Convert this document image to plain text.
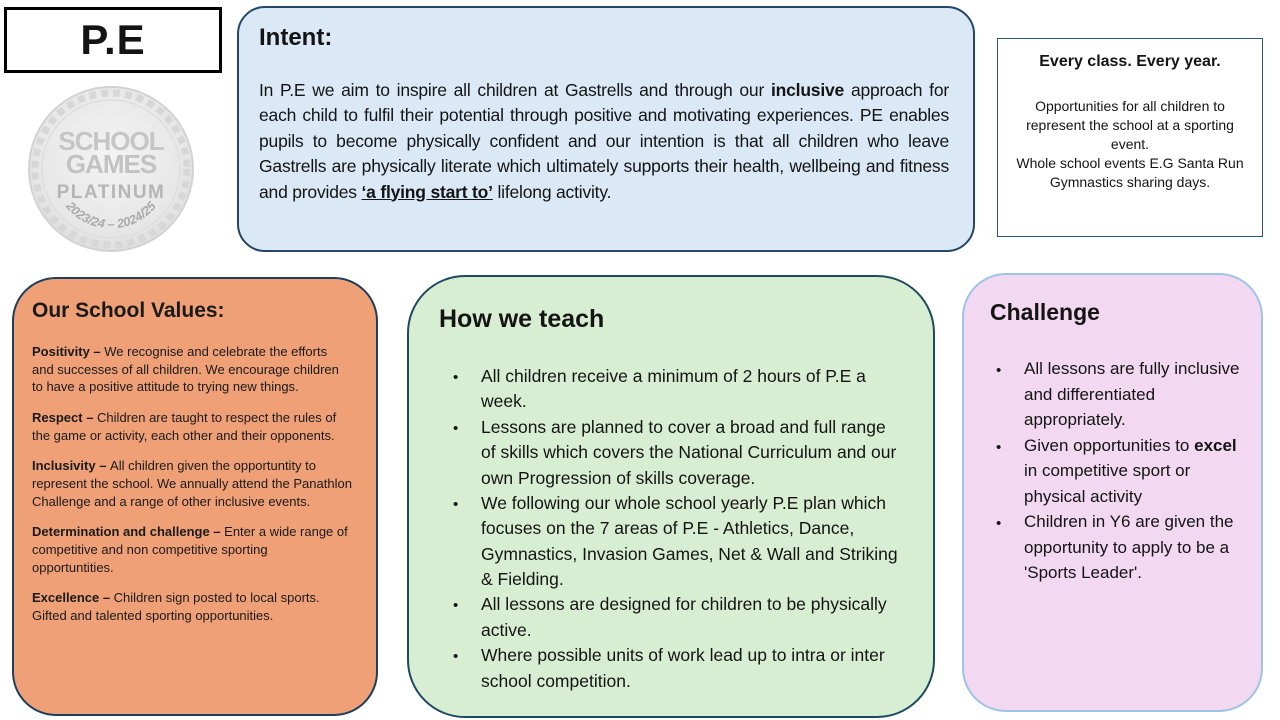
P.E
SCHOOL
GAMES
PLATINUM
2023/24 – 2024/25
Intent:

In P.E we aim to inspire all children at Gastrells and through our inclusive approach for each child to fulfil their potential through positive and motivating experiences. PE enables pupils to become physically confident and our intention is that all children who leave Gastrells are physically literate which ultimately supports their health, wellbeing and fitness and provides ‘a flying start to’ lifelong activity.

Every class. Every year.
Opportunities for all children to represent the school at a sporting event.
Whole school events E.G Santa Run
Gymnastics sharing days.
Our School Values:

Positivity – We recognise and celebrate the efforts and successes of all children. We encourage children to have a positive attitude to trying new things.

Respect – Children are taught to respect the rules of the game or activity, each other and their opponents.

Inclusivity – All children given the opportuntity to represent the school. We annually attend the Panathlon Challenge and a range of other inclusive events.

Determination and challenge – Enter a wide range of competitive and non competitive sporting opportuntities.

Excellence – Children sign posted to local sports. Gifted and talented sporting opportunities.

How we teach
• All children receive a minimum of 2 hours of P.E a week.
• Lessons are planned to cover a broad and full range of skills which covers the National Curriculum and our own Progression of skills coverage.
• We following our whole school yearly P.E plan which focuses on the 7 areas of P.E - Athletics, Dance, Gymnastics, Invasion Games, Net & Wall and Striking & Fielding.
• All lessons are designed for children to be physically active.
• Where possible units of work lead up to intra or inter school competition.
Challenge
• All lessons are fully inclusive and differentiated appropriately.
• Given opportunities to excel in competitive sport or physical activity
• Children in Y6 are given the opportunity to apply to be a 'Sports Leader'.
